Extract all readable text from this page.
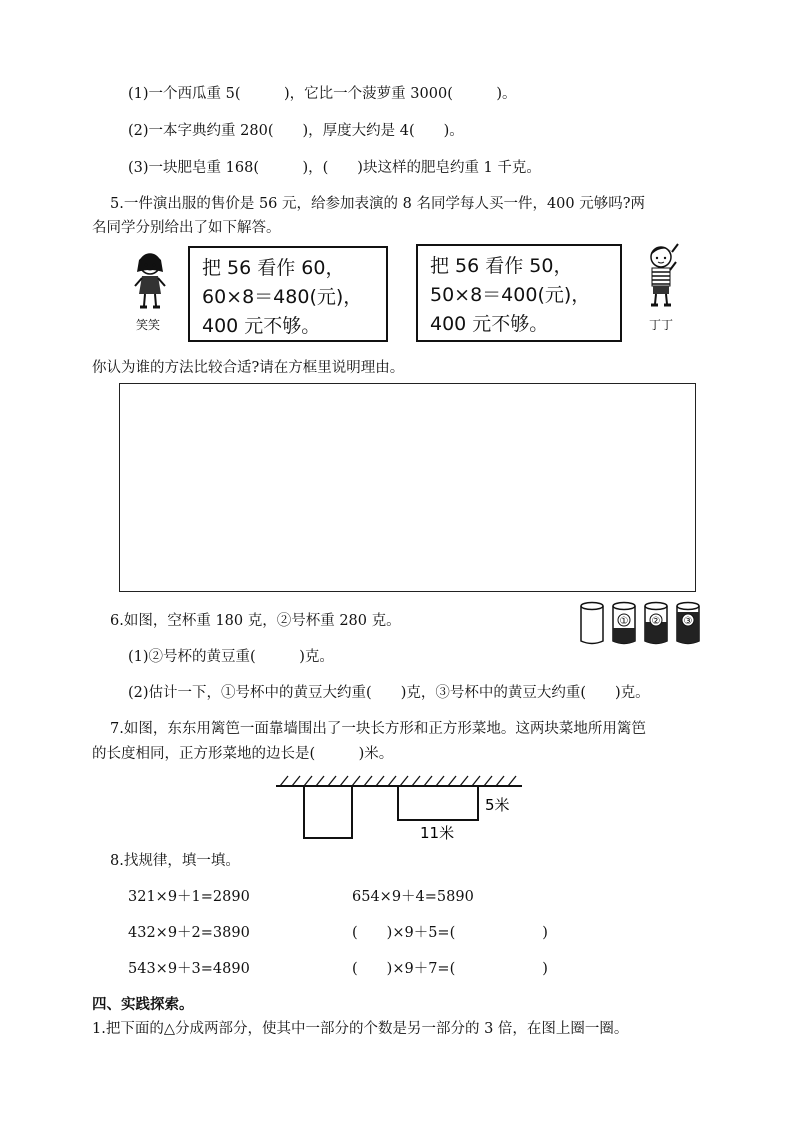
(1)一个西瓜重 5(　　　)，它比一个菠萝重 3000(　　　)。
(2)一本字典约重 280(　　)，厚度大约是 4(　　)。
(3)一块肥皂重 168(　　　)，(　　)块这样的肥皂约重 1 千克。
5.一件演出服的售价是 56 元，给参加表演的 8 名同学每人买一件，400 元够吗?两
名同学分别给出了如下解答。
笑笑
把 56 看作 60，
60×8＝480(元)，
400 元不够。
把 56 看作 50，
50×8＝400(元)，
400 元不够。	丁丁
你认为谁的方法比较合适?请在方框里说明理由。
6.如图，空杯重 180 克，②号杯重 280 克。
(1)②号杯的黄豆重(　　　)克。
(2)估计一下，①号杯中的黄豆大约重(　　)克，③号杯中的黄豆大约重(　　)克。
① ② ③
7.如图，东东用篱笆一面靠墙围出了一块长方形和正方形菜地。这两块菜地所用篱笆
的长度相同，正方形菜地的边长是(　　　)米。
11米
5米
8.找规律，填一填。
321×9＋1=2890	654×9＋4=5890
432×9＋2=3890	(　　)×9＋5=(　　　　　　)
543×9＋3=4890	(　　)×9＋7=(　　　　　　)
四、实践探索。
1.把下面的△分成两部分，使其中一部分的个数是另一部分的 3 倍，在图上圈一圈。
